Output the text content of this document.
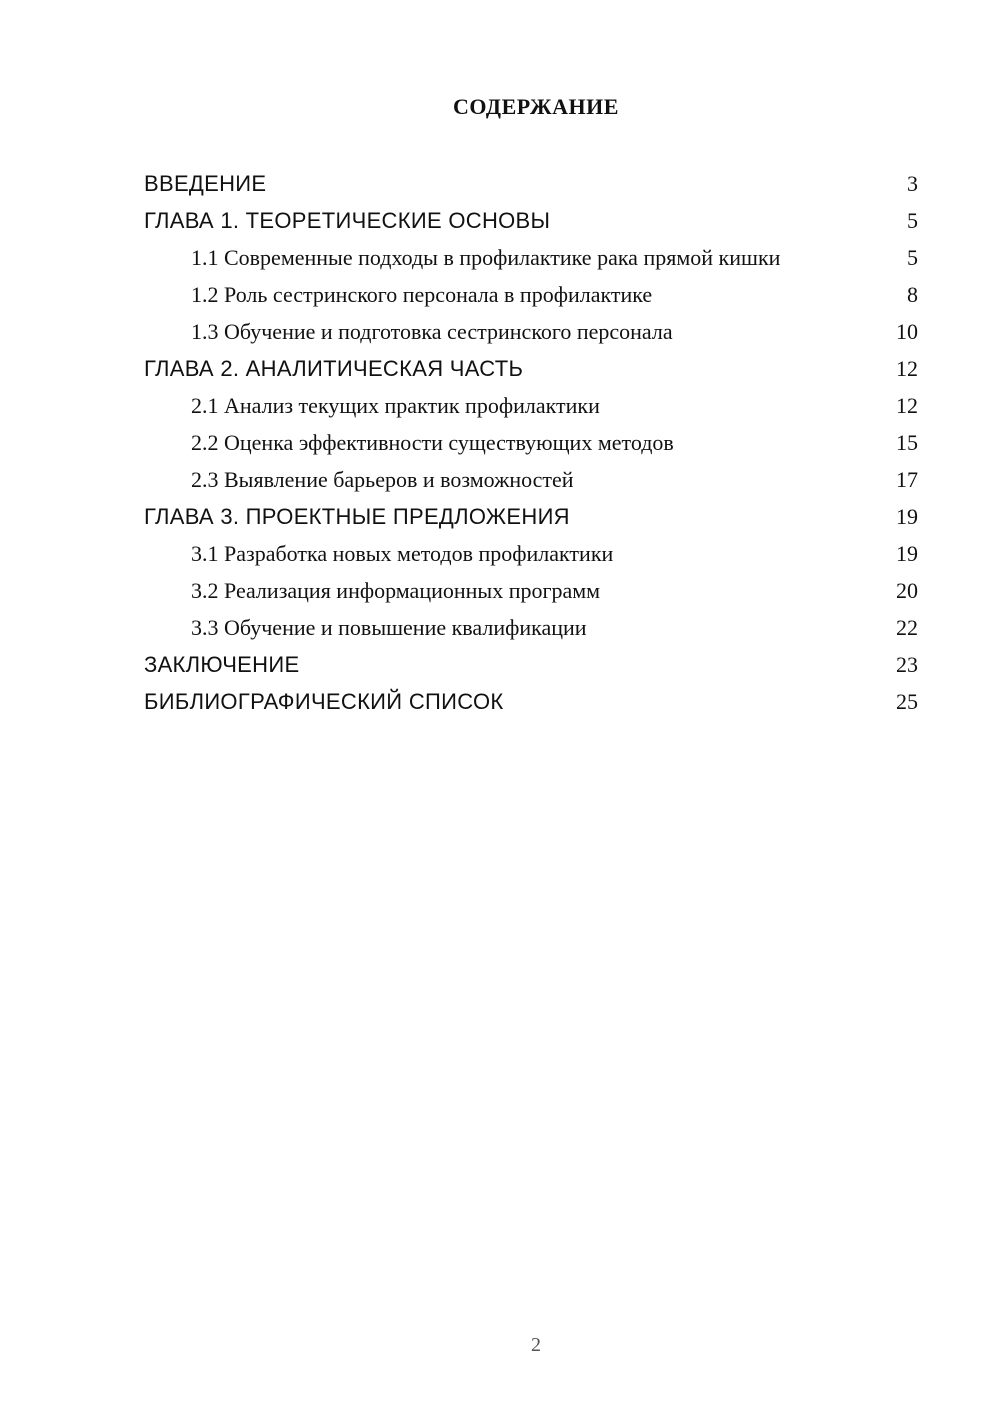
СОДЕРЖАНИЕ
ВВЕДЕНИЕ	3
ГЛАВА 1. ТЕОРЕТИЧЕСКИЕ ОСНОВЫ	5
1.1 Современные подходы в профилактике рака прямой кишки	5
1.2 Роль сестринского персонала в профилактике	8
1.3 Обучение и подготовка сестринского персонала	10
ГЛАВА 2. АНАЛИТИЧЕСКАЯ ЧАСТЬ	12
2.1 Анализ текущих практик профилактики	12
2.2 Оценка эффективности существующих методов	15
2.3 Выявление барьеров и возможностей	17
ГЛАВА 3. ПРОЕКТНЫЕ ПРЕДЛОЖЕНИЯ	19
3.1 Разработка новых методов профилактики	19
3.2 Реализация информационных программ	20
3.3 Обучение и повышение квалификации	22
ЗАКЛЮЧЕНИЕ	23
БИБЛИОГРАФИЧЕСКИЙ СПИСОК	25
2
